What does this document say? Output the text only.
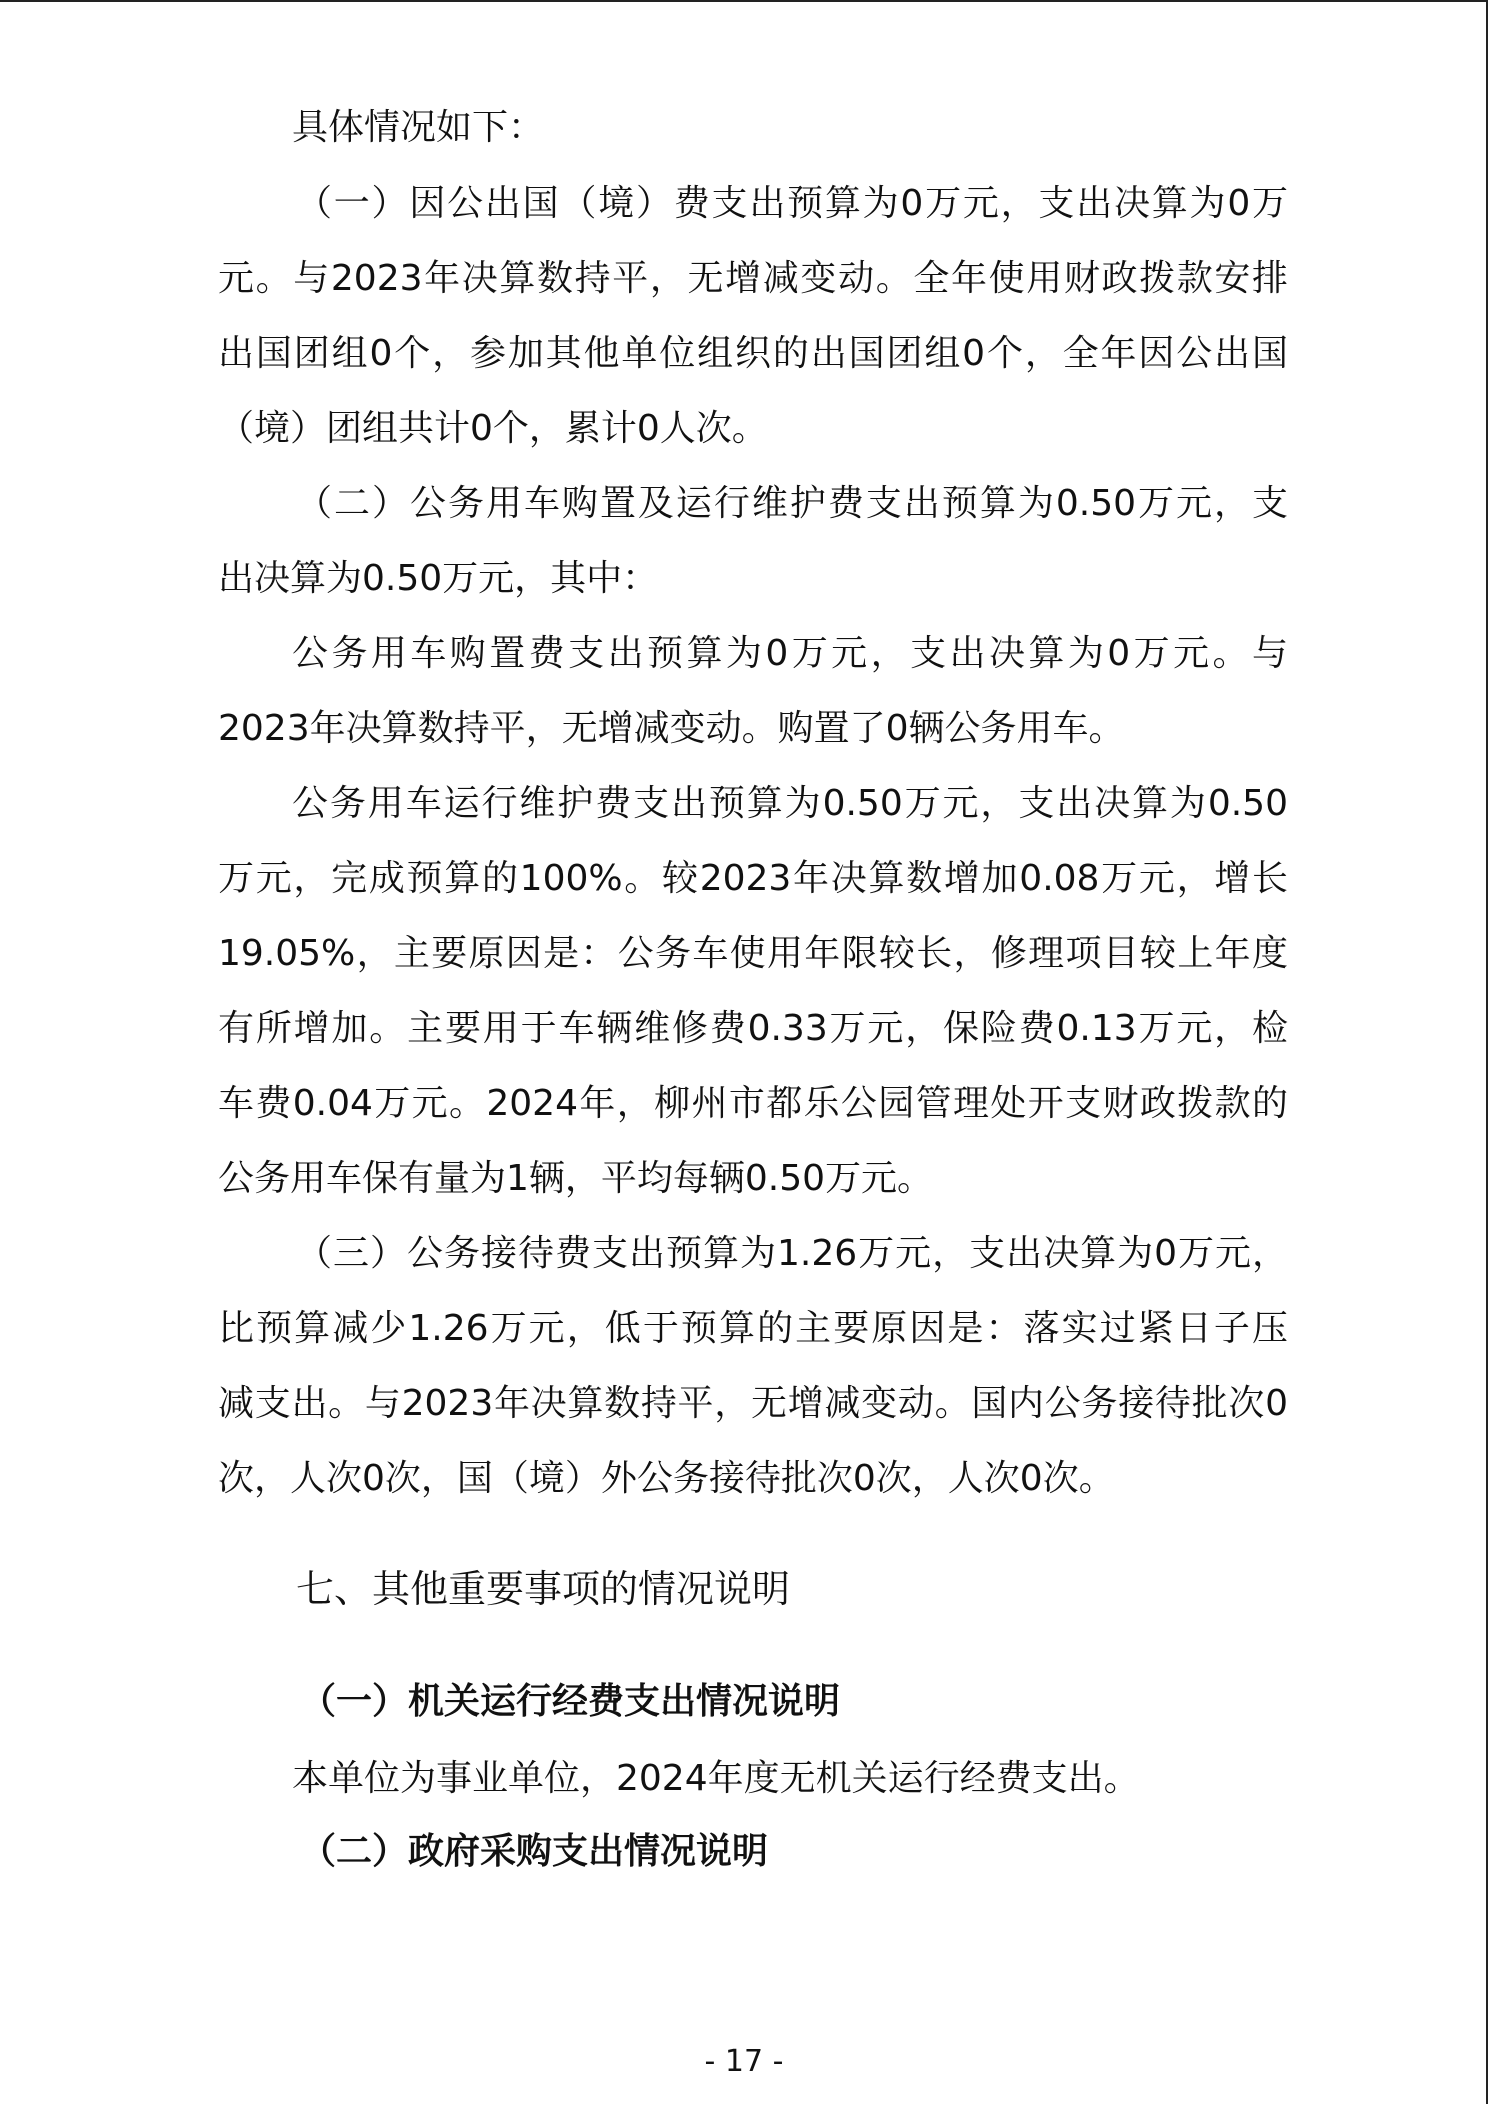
具体情况如下：
（一）因公出国（境）费支出预算为0万元，支出决算为0万
元。与2023年决算数持平，无增减变动。全年使用财政拨款安排
出国团组0个，参加其他单位组织的出国团组0个，全年因公出国
（境）团组共计0个，累计0人次。
（二）公务用车购置及运行维护费支出预算为0.50万元，支
出决算为0.50万元，其中：
公务用车购置费支出预算为0万元，支出决算为0万元。与
2023年决算数持平，无增减变动。购置了0辆公务用车。
公务用车运行维护费支出预算为0.50万元，支出决算为0.50
万元，完成预算的100%。较2023年决算数增加0.08万元，增长
19.05%，主要原因是：公务车使用年限较长，修理项目较上年度
有所增加。主要用于车辆维修费0.33万元，保险费0.13万元，检
车费0.04万元。2024年，柳州市都乐公园管理处开支财政拨款的
公务用车保有量为1辆，平均每辆0.50万元。
（三）公务接待费支出预算为1.26万元，支出决算为0万元，
比预算减少1.26万元，低于预算的主要原因是：落实过紧日子压
减支出。与2023年决算数持平，无增减变动。国内公务接待批次0
次，人次0次，国（境）外公务接待批次0次，人次0次。
七、其他重要事项的情况说明
（一）机关运行经费支出情况说明
本单位为事业单位，2024年度无机关运行经费支出。
（二）政府采购支出情况说明
- 17 -
